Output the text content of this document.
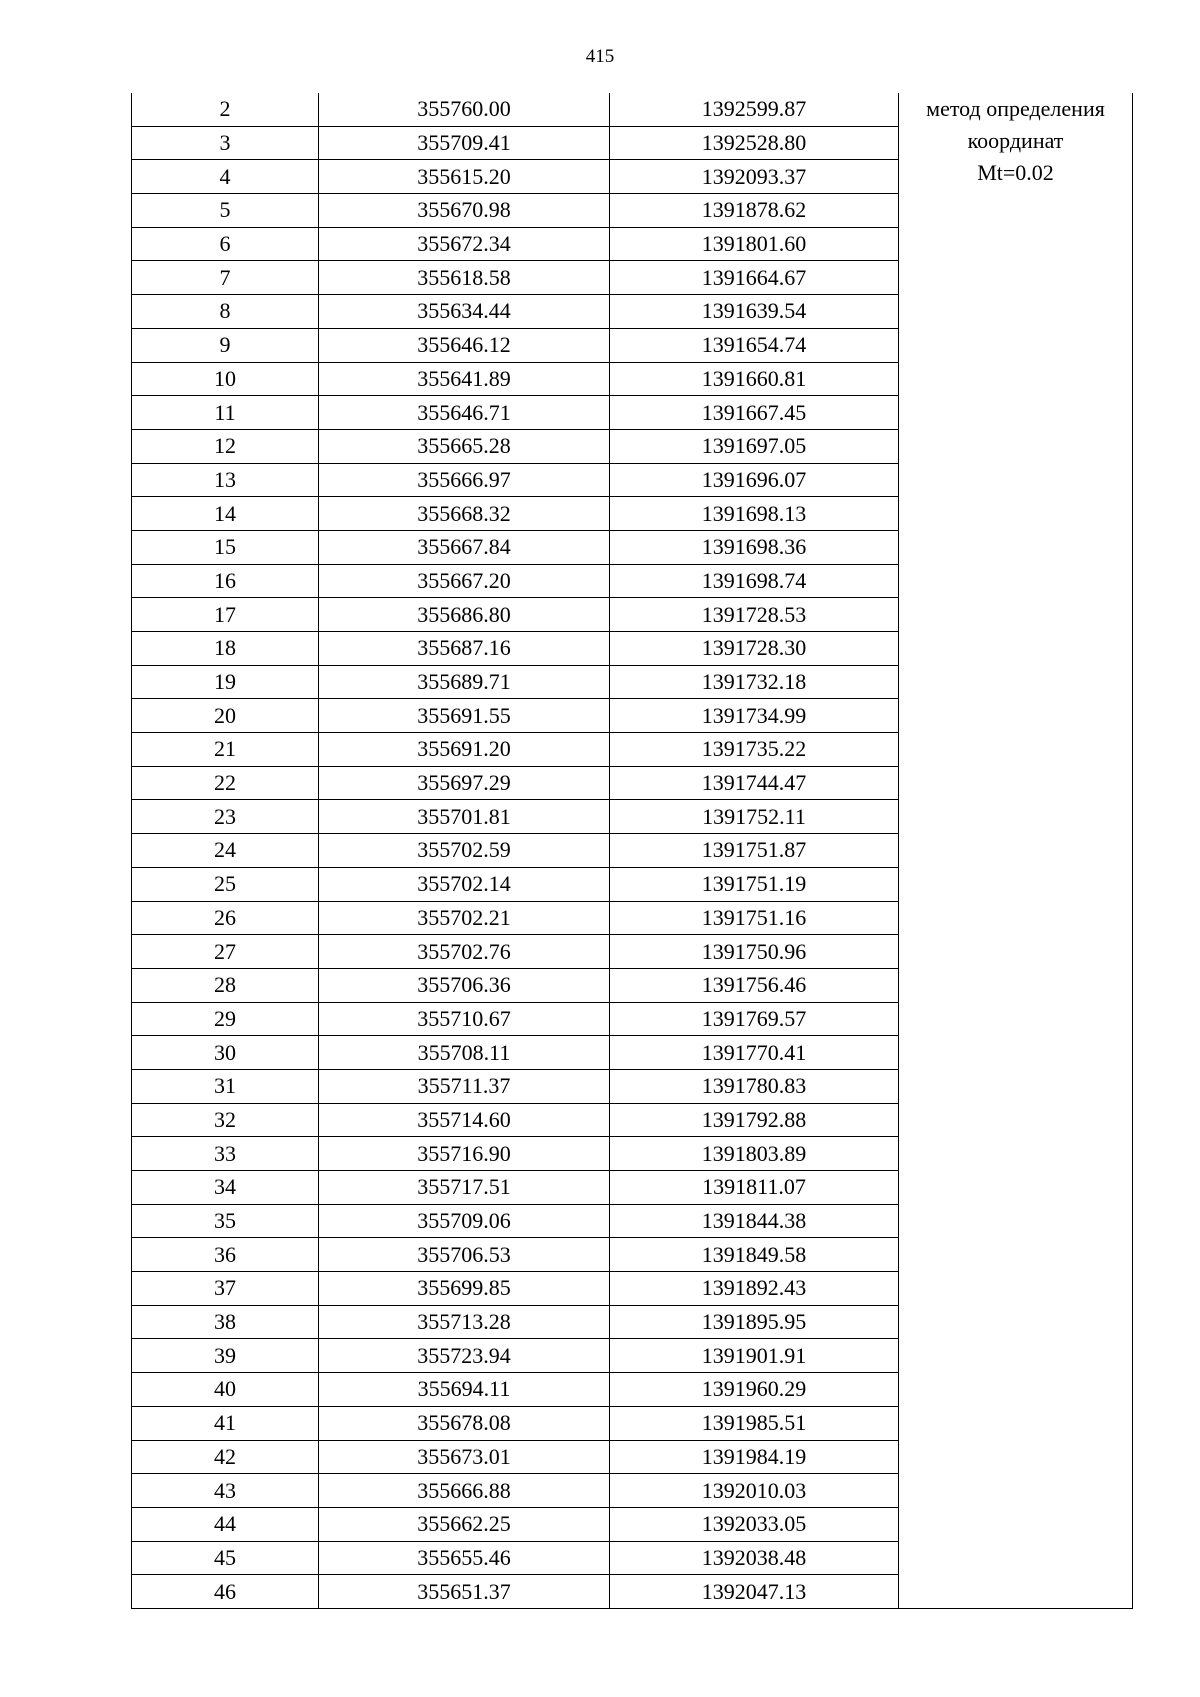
415
2	355760.00	1392599.87	метод определения
координат
Mt=0.02

3	355709.41	1392528.80	
4	355615.20	1392093.37	
5	355670.98	1391878.62	
6	355672.34	1391801.60	
7	355618.58	1391664.67	
8	355634.44	1391639.54	
9	355646.12	1391654.74	
10	355641.89	1391660.81	
11	355646.71	1391667.45	
12	355665.28	1391697.05	
13	355666.97	1391696.07	
14	355668.32	1391698.13	
15	355667.84	1391698.36	
16	355667.20	1391698.74	
17	355686.80	1391728.53	
18	355687.16	1391728.30	
19	355689.71	1391732.18	
20	355691.55	1391734.99	
21	355691.20	1391735.22	
22	355697.29	1391744.47	
23	355701.81	1391752.11	
24	355702.59	1391751.87	
25	355702.14	1391751.19	
26	355702.21	1391751.16	
27	355702.76	1391750.96	
28	355706.36	1391756.46	
29	355710.67	1391769.57	
30	355708.11	1391770.41	
31	355711.37	1391780.83	
32	355714.60	1391792.88	
33	355716.90	1391803.89	
34	355717.51	1391811.07	
35	355709.06	1391844.38	
36	355706.53	1391849.58	
37	355699.85	1391892.43	
38	355713.28	1391895.95	
39	355723.94	1391901.91	
40	355694.11	1391960.29	
41	355678.08	1391985.51	
42	355673.01	1391984.19	
43	355666.88	1392010.03	
44	355662.25	1392033.05	
45	355655.46	1392038.48	
46	355651.37	1392047.13	
